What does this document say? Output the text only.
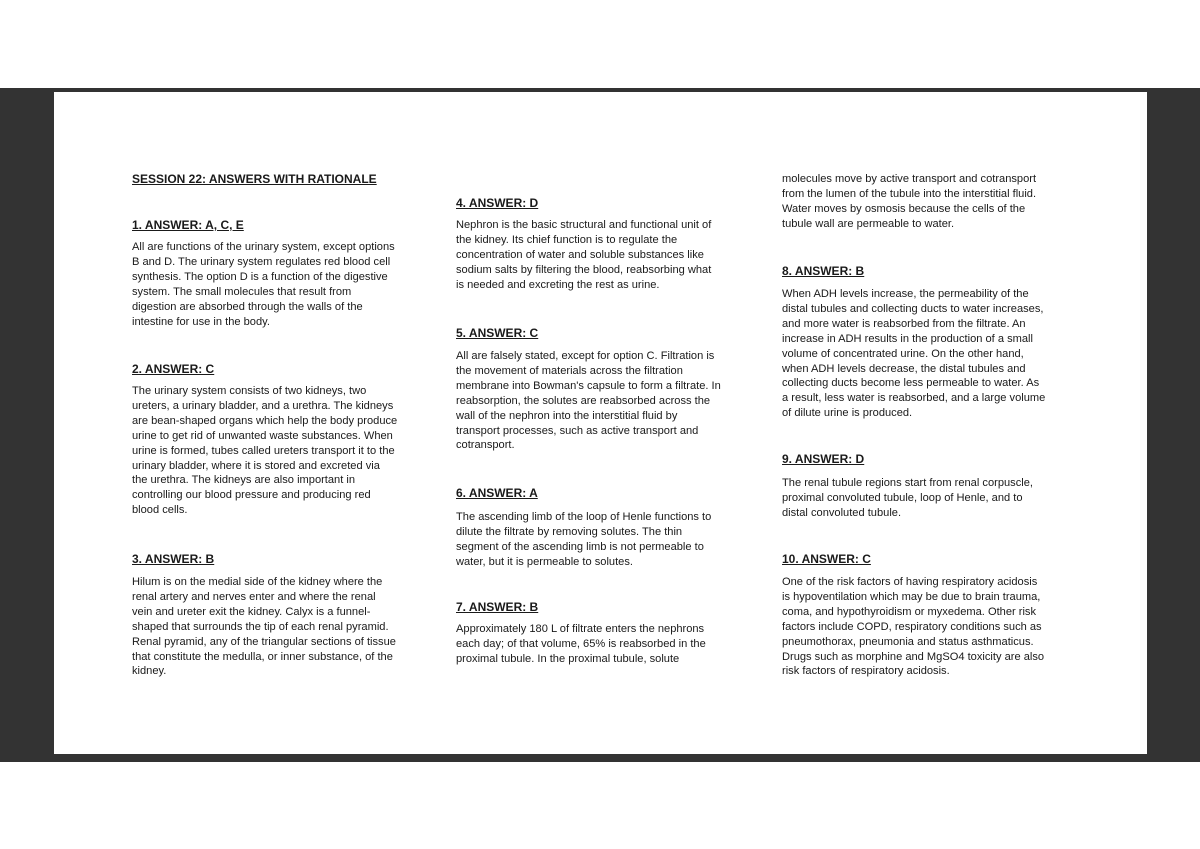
SESSION 22: ANSWERS WITH RATIONALE
1. ANSWER: A, C, E
All are functions of the urinary system, except options
B and D. The urinary system regulates red blood cell
synthesis. The option D is a function of the digestive
system. The small molecules that result from
digestion are absorbed through the walls of the
intestine for use in the body.
2. ANSWER: C
The urinary system consists of two kidneys, two
ureters, a urinary bladder, and a urethra. The kidneys
are bean-shaped organs which help the body produce
urine to get rid of unwanted waste substances. When
urine is formed, tubes called ureters transport it to the
urinary bladder, where it is stored and excreted via
the urethra. The kidneys are also important in
controlling our blood pressure and producing red
blood cells.
3. ANSWER: B
Hilum is on the medial side of the kidney where the
renal artery and nerves enter and where the renal
vein and ureter exit the kidney. Calyx is a funnel-
shaped that surrounds the tip of each renal pyramid.
Renal pyramid, any of the triangular sections of tissue
that constitute the medulla, or inner substance, of the
kidney.
4. ANSWER: D
Nephron is the basic structural and functional unit of
the kidney. Its chief function is to regulate the
concentration of water and soluble substances like
sodium salts by filtering the blood, reabsorbing what
is needed and excreting the rest as urine.
5. ANSWER: C
All are falsely stated, except for option C. Filtration is
the movement of materials across the filtration
membrane into Bowman's capsule to form a filtrate. In
reabsorption, the solutes are reabsorbed across the
wall of the nephron into the interstitial fluid by
transport processes, such as active transport and
cotransport.
6. ANSWER: A
The ascending limb of the loop of Henle functions to
dilute the filtrate by removing solutes. The thin
segment of the ascending limb is not permeable to
water, but it is permeable to solutes.
7. ANSWER: B
Approximately 180 L of filtrate enters the nephrons
each day; of that volume, 65% is reabsorbed in the
proximal tubule. In the proximal tubule, solute
molecules move by active transport and cotransport
from the lumen of the tubule into the interstitial fluid.
Water moves by osmosis because the cells of the
tubule wall are permeable to water.
8. ANSWER: B
When ADH levels increase, the permeability of the
distal tubules and collecting ducts to water increases,
and more water is reabsorbed from the filtrate. An
increase in ADH results in the production of a small
volume of concentrated urine. On the other hand,
when ADH levels decrease, the distal tubules and
collecting ducts become less permeable to water. As
a result, less water is reabsorbed, and a large volume
of dilute urine is produced.
9. ANSWER: D
The renal tubule regions start from renal corpuscle,
proximal convoluted tubule, loop of Henle, and to
distal convoluted tubule.
10. ANSWER: C
One of the risk factors of having respiratory acidosis
is hypoventilation which may be due to brain trauma,
coma, and hypothyroidism or myxedema. Other risk
factors include COPD, respiratory conditions such as
pneumothorax, pneumonia and status asthmaticus.
Drugs such as morphine and MgSO4 toxicity are also
risk factors of respiratory acidosis.
